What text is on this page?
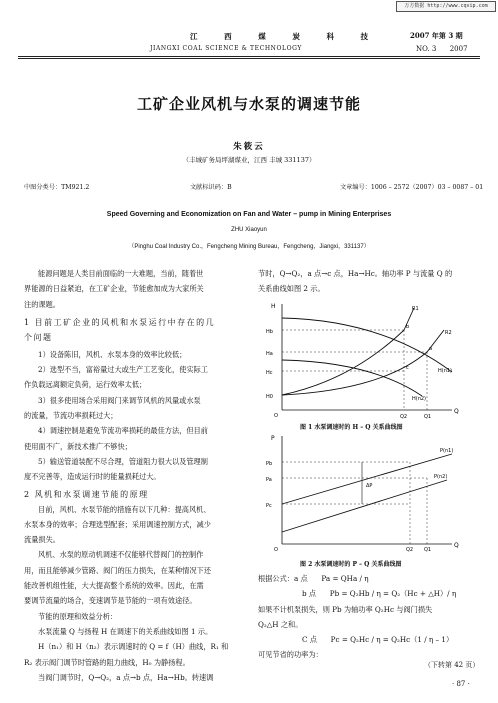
万方数据 http://www.cqvip.com
江 西 煤 炭 科 技
JIANGXI COAL SCIENCE & TECHNOLOGY
2007 年第 3 期
NO. 3      2007
工矿企业风机与水泵的调速节能
朱筱云
（丰城矿务局坪湖煤业，江西 丰城 331137）
中图分类号：TM921.2	文献标识码：B	文章编号：1006 – 2572（2007）03 – 0087 – 01
Speed Governing and Economization on Fan and Water – pump in Mining Enterprises
ZHU Xiaoyun
（Pinghu Coal Industry Co.，Fengcheng Mining Bureau，Fengcheng，Jiangxi，331137）
能源问题是人类目前面临的一大难题，当前，随着世
界能源的日益紧迫，在工矿企业，节能愈加成为大家所关
注的课题。
1 目前工矿企业的风机和水泵运行中存在的几
个问题
1）设备陈旧，风机、水泵本身的效率比较低；
2）选型不当，富裕量过大或生产工艺变化，使实际工
作负载远离额定负荷，运行效率太低；
3）很多使用场合采用阀门来调节风机的风量或水泵
的流量，节流功率损耗过大；
4）调速控制是避免节流功率损耗的最佳方法，但目前
使用面不广，新技术推广不够快；
5）输送管道装配不尽合理，管道阻力很大以及管理制
度不完善等，造成运行时的能量损耗过大。
2 风机和水泵调速节能的原理
目前，风机、水泵节能的措施有以下几种：提高风机、
水泵本身的效率；合理选型配套；采用调速控制方式，减少
流量损失。
风机、水泵的原动机调速不仅能够代替阀门的控制作
用，而且能够减少管路、阀门的压力损失，在某种情况下还
能改善机组性能，大大提高整个系统的效率。因此，在需
要调节流量的场合，变速调节是节能的一项有效途径。
节能的原理和效益分析：
水泵流量 Q 与扬程 H 在调速下的关系曲线如图 1 示。
H（n₁）和 H（n₂）表示调速时的 Q = f（H）曲线，R₁ 和
R₂ 表示阀门调节时管路的阻力曲线，H₀ 为静扬程。
当阀门调节时，Q→Q₂，a 点→b 点，Ha→Hb。转速调
节时，Q→Q₂，a 点→c 点，Ha→Hc。轴功率 P 与流量 Q 的
关系曲线如图 2 示。
H
Hb
Ha
Hc
H0
R1
R2
H(n1)
H(n2)
b
a
c
O
Q
Q2	Q1
图 1 水泵调速时的 H – Q 关系曲线图
ΔP
P
Pb
Pa
Pc
P(n1)
P(n2)
O
Q
Q2 Q1
图 2 水泵调速时的 P – Q 关系曲线图
根据公式：a 点      Pa = QHa / η
b 点      Pb = Q₂Hb / η = Q₂（Hc + △H）/ η
如果不计机泵损失，则 Pb 为轴功率 Q₂Hc 与阀门损失
Q₂△H 之和。
C 点      Pc = Q₂Hc / η = Q₂Hc（1 / η – 1）
可见节省的功率为：
（下转第 42 页）
· 87 ·
